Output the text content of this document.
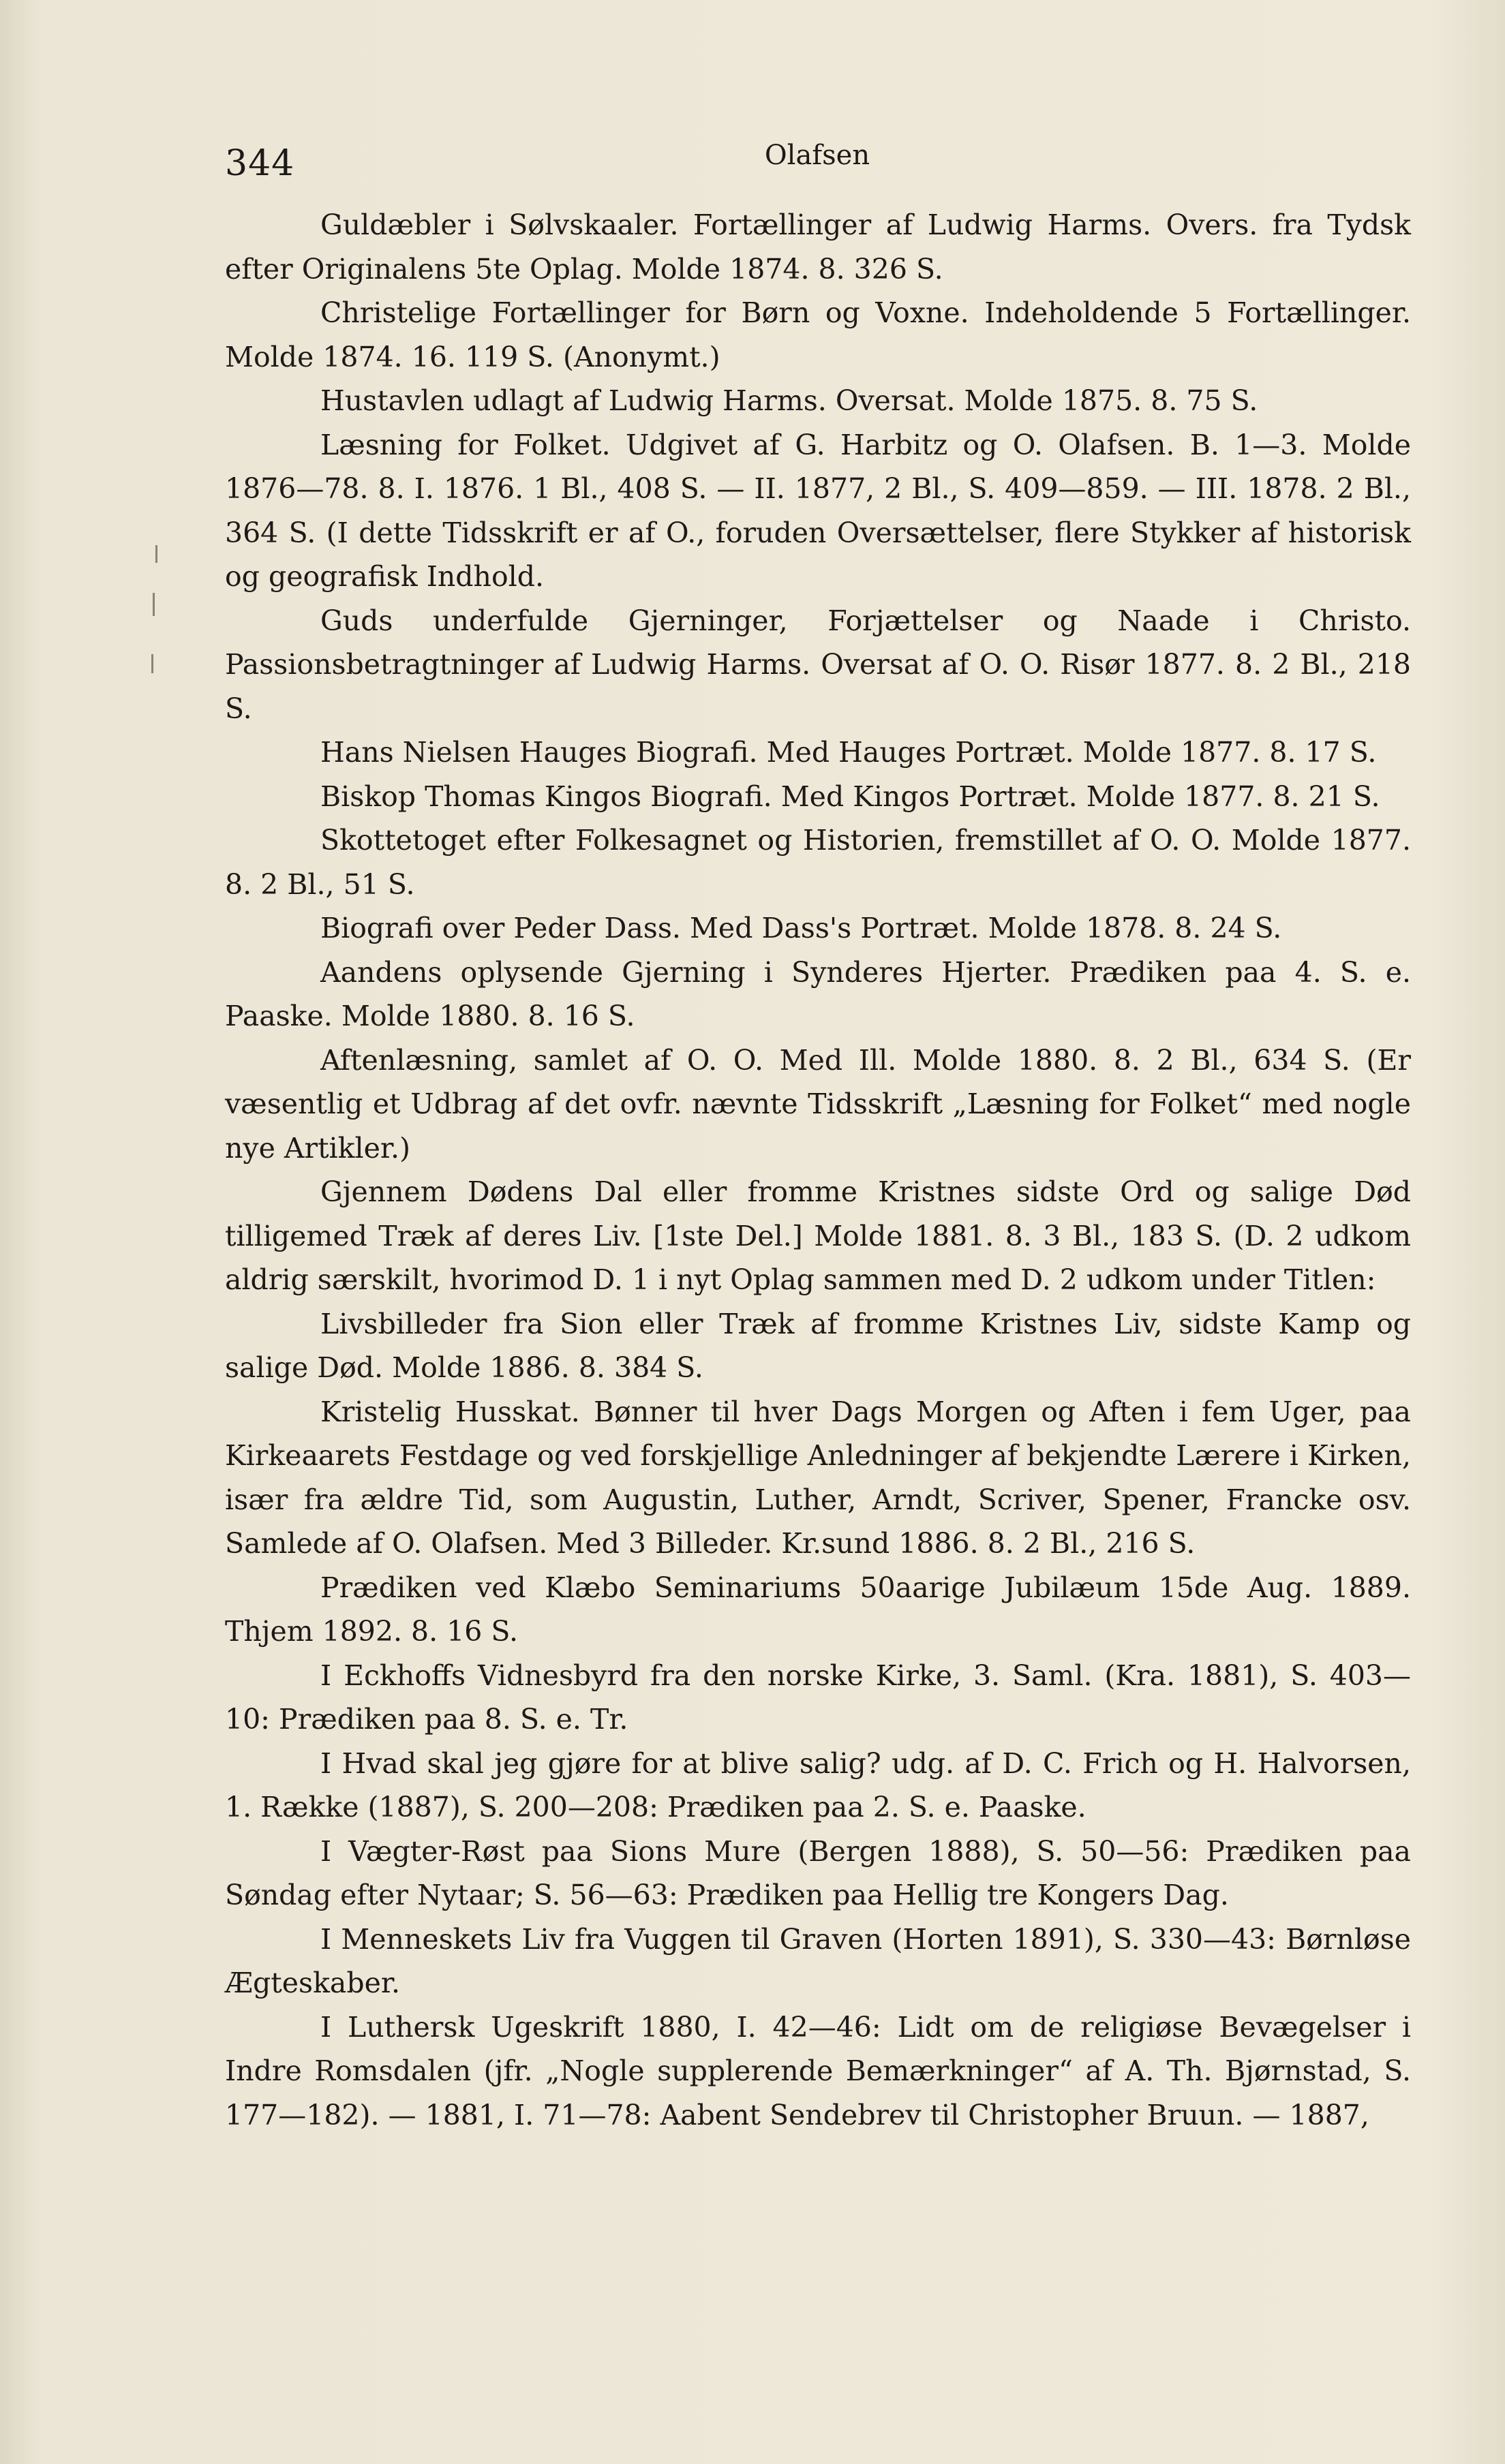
344	Olafsen

Guldæbler i Sølvskaaler. Fortællinger af Ludwig Harms. Overs. fra Tydsk efter Originalens 5te Oplag. Molde 1874. 8. 326 S.

Christelige Fortællinger for Børn og Voxne. Indeholdende 5 Fortællinger. Molde 1874. 16. 119 S. (Anonymt.)

Hustavlen udlagt af Ludwig Harms. Oversat. Molde 1875. 8. 75 S.

Læsning for Folket. Udgivet af G. Harbitz og O. Olafsen. B. 1—3. Molde 1876—78. 8. I. 1876. 1 Bl., 408 S. — II. 1877, 2 Bl., S. 409—859. — III. 1878. 2 Bl., 364 S. (I dette Tidsskrift er af O., foruden Oversættelser, flere Stykker af historisk og geografisk Indhold.

Guds underfulde Gjerninger, Forjættelser og Naade i Christo. Passionsbetragtninger af Ludwig Harms. Oversat af O. O. Risør 1877. 8. 2 Bl., 218 S.

Hans Nielsen Hauges Biografi. Med Hauges Portræt. Molde 1877. 8. 17 S.

Biskop Thomas Kingos Biografi. Med Kingos Portræt. Molde 1877. 8. 21 S.

Skottetoget efter Folkesagnet og Historien, fremstillet af O. O. Molde 1877. 8. 2 Bl., 51 S.

Biografi over Peder Dass. Med Dass's Portræt. Molde 1878. 8. 24 S.

Aandens oplysende Gjerning i Synderes Hjerter. Prædiken paa 4. S. e. Paaske. Molde 1880. 8. 16 S.

Aftenlæsning, samlet af O. O. Med Ill. Molde 1880. 8. 2 Bl., 634 S. (Er væsentlig et Udbrag af det ovfr. nævnte Tidsskrift „Læsning for Folket“ med nogle nye Artikler.)

Gjennem Dødens Dal eller fromme Kristnes sidste Ord og salige Død tilligemed Træk af deres Liv. [1ste Del.] Molde 1881. 8. 3 Bl., 183 S. (D. 2 udkom aldrig særskilt, hvorimod D. 1 i nyt Oplag sammen med D. 2 udkom under Titlen:

Livsbilleder fra Sion eller Træk af fromme Kristnes Liv, sidste Kamp og salige Død. Molde 1886. 8. 384 S.

Kristelig Husskat. Bønner til hver Dags Morgen og Aften i fem Uger, paa Kirkeaarets Festdage og ved forskjellige Anledninger af bekjendte Lærere i Kirken, især fra ældre Tid, som Augustin, Luther, Arndt, Scriver, Spener, Francke osv. Samlede af O. Olafsen. Med 3 Billeder. Kr.sund 1886. 8. 2 Bl., 216 S.

Prædiken ved Klæbo Seminariums 50aarige Jubilæum 15de Aug. 1889. Thjem 1892. 8. 16 S.

I Eckhoffs Vidnesbyrd fra den norske Kirke, 3. Saml. (Kra. 1881), S. 403—10: Prædiken paa 8. S. e. Tr.

I Hvad skal jeg gjøre for at blive salig? udg. af D. C. Frich og H. Halvorsen, 1. Række (1887), S. 200—208: Prædiken paa 2. S. e. Paaske.

I Vægter-Røst paa Sions Mure (Bergen 1888), S. 50—56: Prædiken paa Søndag efter Nytaar; S. 56—63: Prædiken paa Hellig tre Kongers Dag.

I Menneskets Liv fra Vuggen til Graven (Horten 1891), S. 330—43: Børnløse Ægteskaber.

I Luthersk Ugeskrift 1880, I. 42—46: Lidt om de religiøse Bevægelser i Indre Romsdalen (jfr. „Nogle supplerende Bemærkninger“ af A. Th. Bjørnstad, S. 177—182). — 1881, I. 71—78: Aabent Sendebrev til Christopher Bruun. — 1887,
